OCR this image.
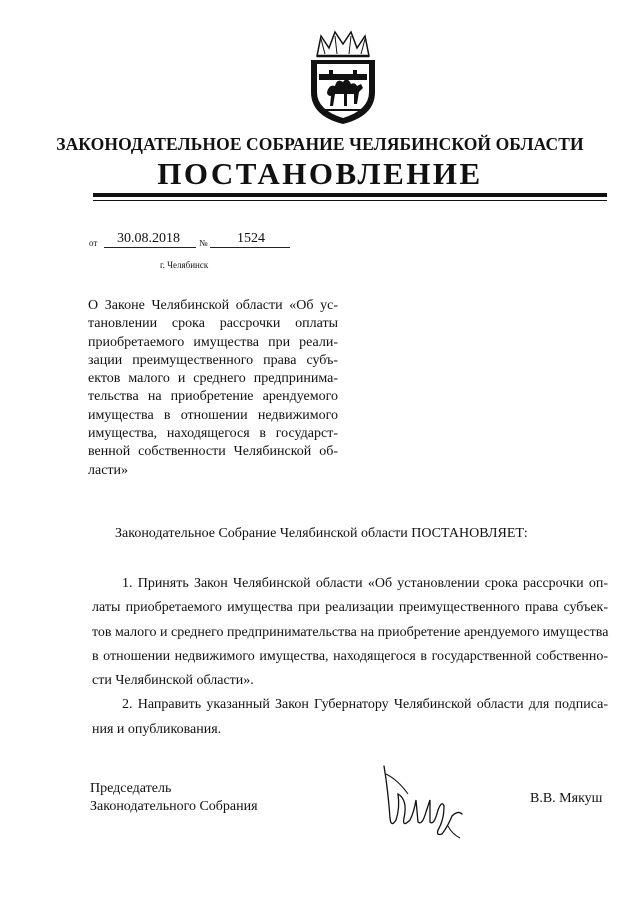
ЗАКОНОДАТЕЛЬНОЕ СОБРАНИЕ ЧЕЛЯБИНСКОЙ ОБЛАСТИ
ПОСТАНОВЛЕНИЕ
от 30.08.2018 № 1524
г. Челябинск
О Законе Челябинской области «Об ус-
тановлении срока рассрочки оплаты
приобретаемого имущества при реали-
зации преимущественного права субъ-
ектов малого и среднего предпринима-
тельства на приобретение арендуемого
имущества в отношении недвижимого
имущества, находящегося в государст-
венной собственности Челябинской об-
ласти»
Законодательное Собрание Челябинской области ПОСТАНОВЛЯЕТ:

1. Принять Закон Челябинской области «Об установлении срока рассрочки оп-
латы приобретаемого имущества при реализации преимущественного права субъек-
тов малого и среднего предпринимательства на приобретение арендуемого имущества
в отношении недвижимого имущества, находящегося в государственной собственно-
сти Челябинской области».

2. Направить указанный Закон Губернатору Челябинской области для подписа-
ния и опубликования.

Председатель
Законодательного Собрания
В.В. Мякуш
